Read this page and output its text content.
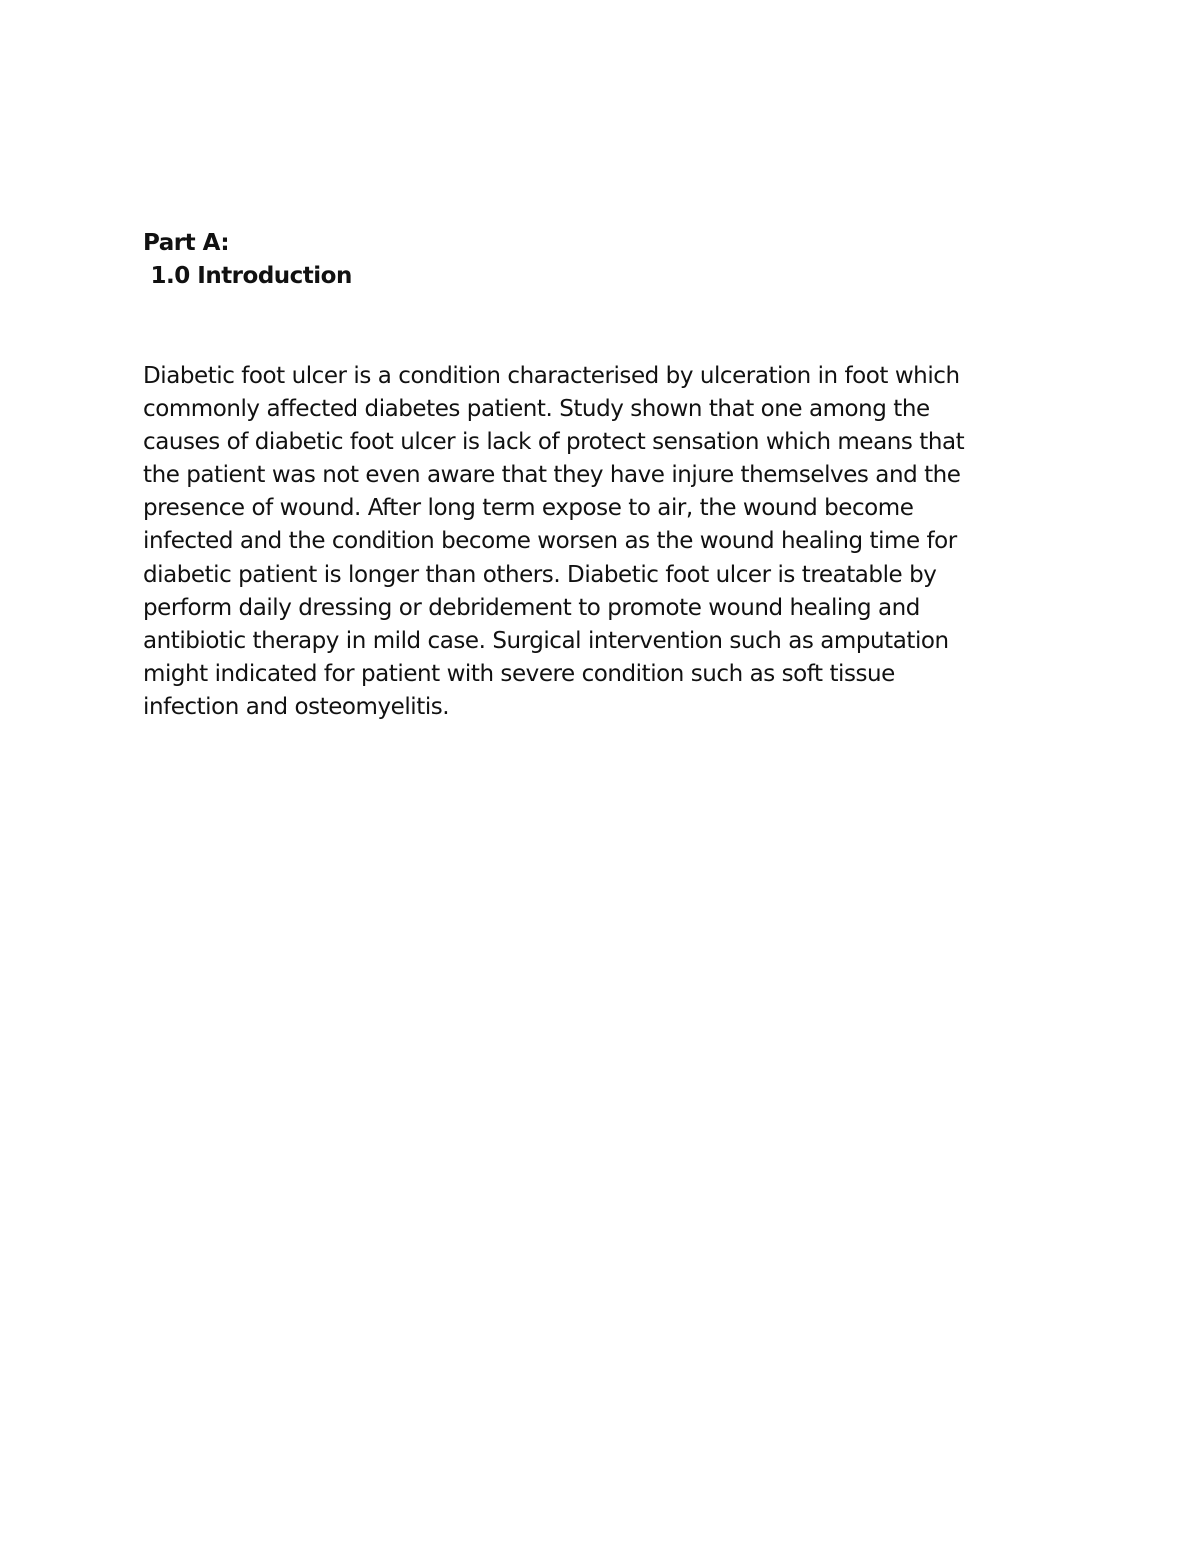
Part A:

1.0 Introduction

Diabetic foot ulcer is a condition characterised by ulceration in foot which
commonly affected diabetes patient. Study shown that one among the
causes of diabetic foot ulcer is lack of protect sensation which means that
the patient was not even aware that they have injure themselves and the
presence of wound. After long term expose to air, the wound become
infected and the condition become worsen as the wound healing time for
diabetic patient is longer than others. Diabetic foot ulcer is treatable by
perform daily dressing or debridement to promote wound healing and
antibiotic therapy in mild case. Surgical intervention such as amputation
might indicated for patient with severe condition such as soft tissue
infection and osteomyelitis.
